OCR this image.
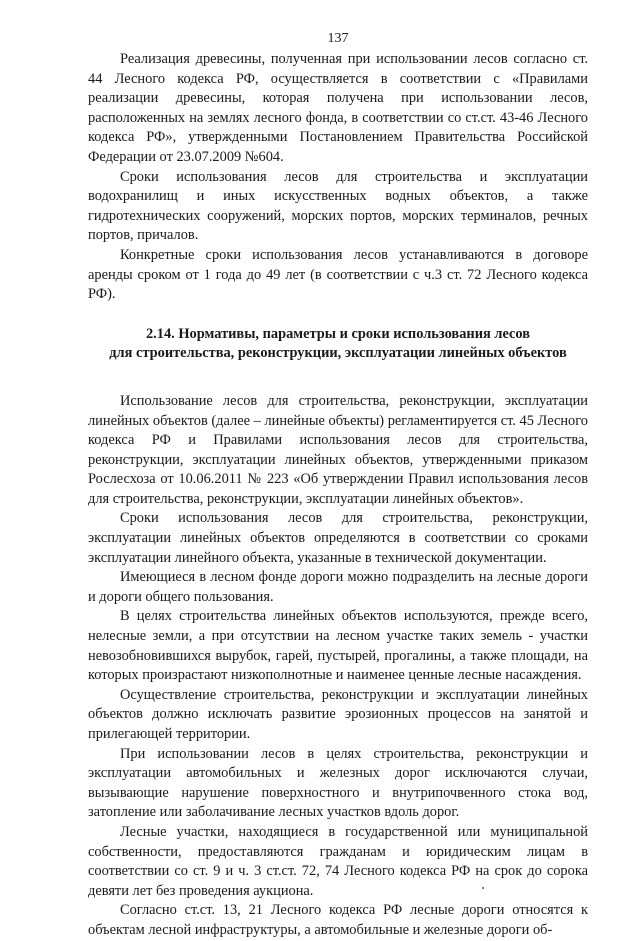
137

Реализация древесины, полученная при использовании лесов согласно ст. 44 Лесного кодекса РФ, осуществляется в соответствии с «Правилами реализации древесины, которая получена при использовании лесов, расположенных на землях лесного фонда, в соответствии со ст.ст. 43-46 Лесного кодекса РФ», утвержденными Постановлением Правительства Российской Федерации от 23.07.2009 №604.

Сроки использования лесов для строительства и эксплуатации водохранилищ и иных искусственных водных объектов, а также гидротехнических сооружений, морских портов, морских терминалов, речных портов, причалов.

Конкретные сроки использования лесов устанавливаются в договоре аренды сроком от 1 года до 49 лет (в соответствии с ч.3 ст. 72 Лесного кодекса РФ).

2.14. Нормативы, параметры и сроки использования лесов
для строительства, реконструкции, эксплуатации линейных объектов

Использование лесов для строительства, реконструкции, эксплуатации линейных объектов (далее – линейные объекты) регламентируется ст. 45 Лесного кодекса РФ и Правилами использования лесов для строительства, реконструкции, эксплуатации линейных объектов, утвержденными приказом Рослесхоза от 10.06.2011 № 223 «Об утверждении Правил использования лесов для строительства, реконструкции, эксплуатации линейных объектов».

Сроки использования лесов для строительства, реконструкции, эксплуатации линейных объектов определяются в соответствии со сроками эксплуатации линейного объекта, указанные в технической документации.

Имеющиеся в лесном фонде дороги можно подразделить на лесные дороги и дороги общего пользования.

В целях строительства линейных объектов используются, прежде всего, нелесные земли, а при отсутствии на лесном участке таких земель - участки невозобновившихся вырубок, гарей, пустырей, прогалины, а также площади, на которых произрастают низкополнотные и наименее ценные лесные насаждения.

Осуществление строительства, реконструкции и эксплуатации линейных объектов должно исключать развитие эрозионных процессов на занятой и прилегающей территории.

При использовании лесов в целях строительства, реконструкции и эксплуатации автомобильных и железных дорог исключаются случаи, вызывающие нарушение поверхностного и внутрипочвенного стока вод, затопление или заболачивание лесных участков вдоль дорог.

Лесные участки, находящиеся в государственной или муниципальной собственности, предоставляются гражданам и юридическим лицам в соответствии со ст. 9 и ч. 3 ст.ст. 72, 74 Лесного кодекса РФ на срок до сорока девяти лет без проведения аукциона.

Согласно ст.ст. 13, 21 Лесного кодекса РФ лесные дороги относятся к объектам лесной инфраструктуры, а автомобильные и железные дороги об-
